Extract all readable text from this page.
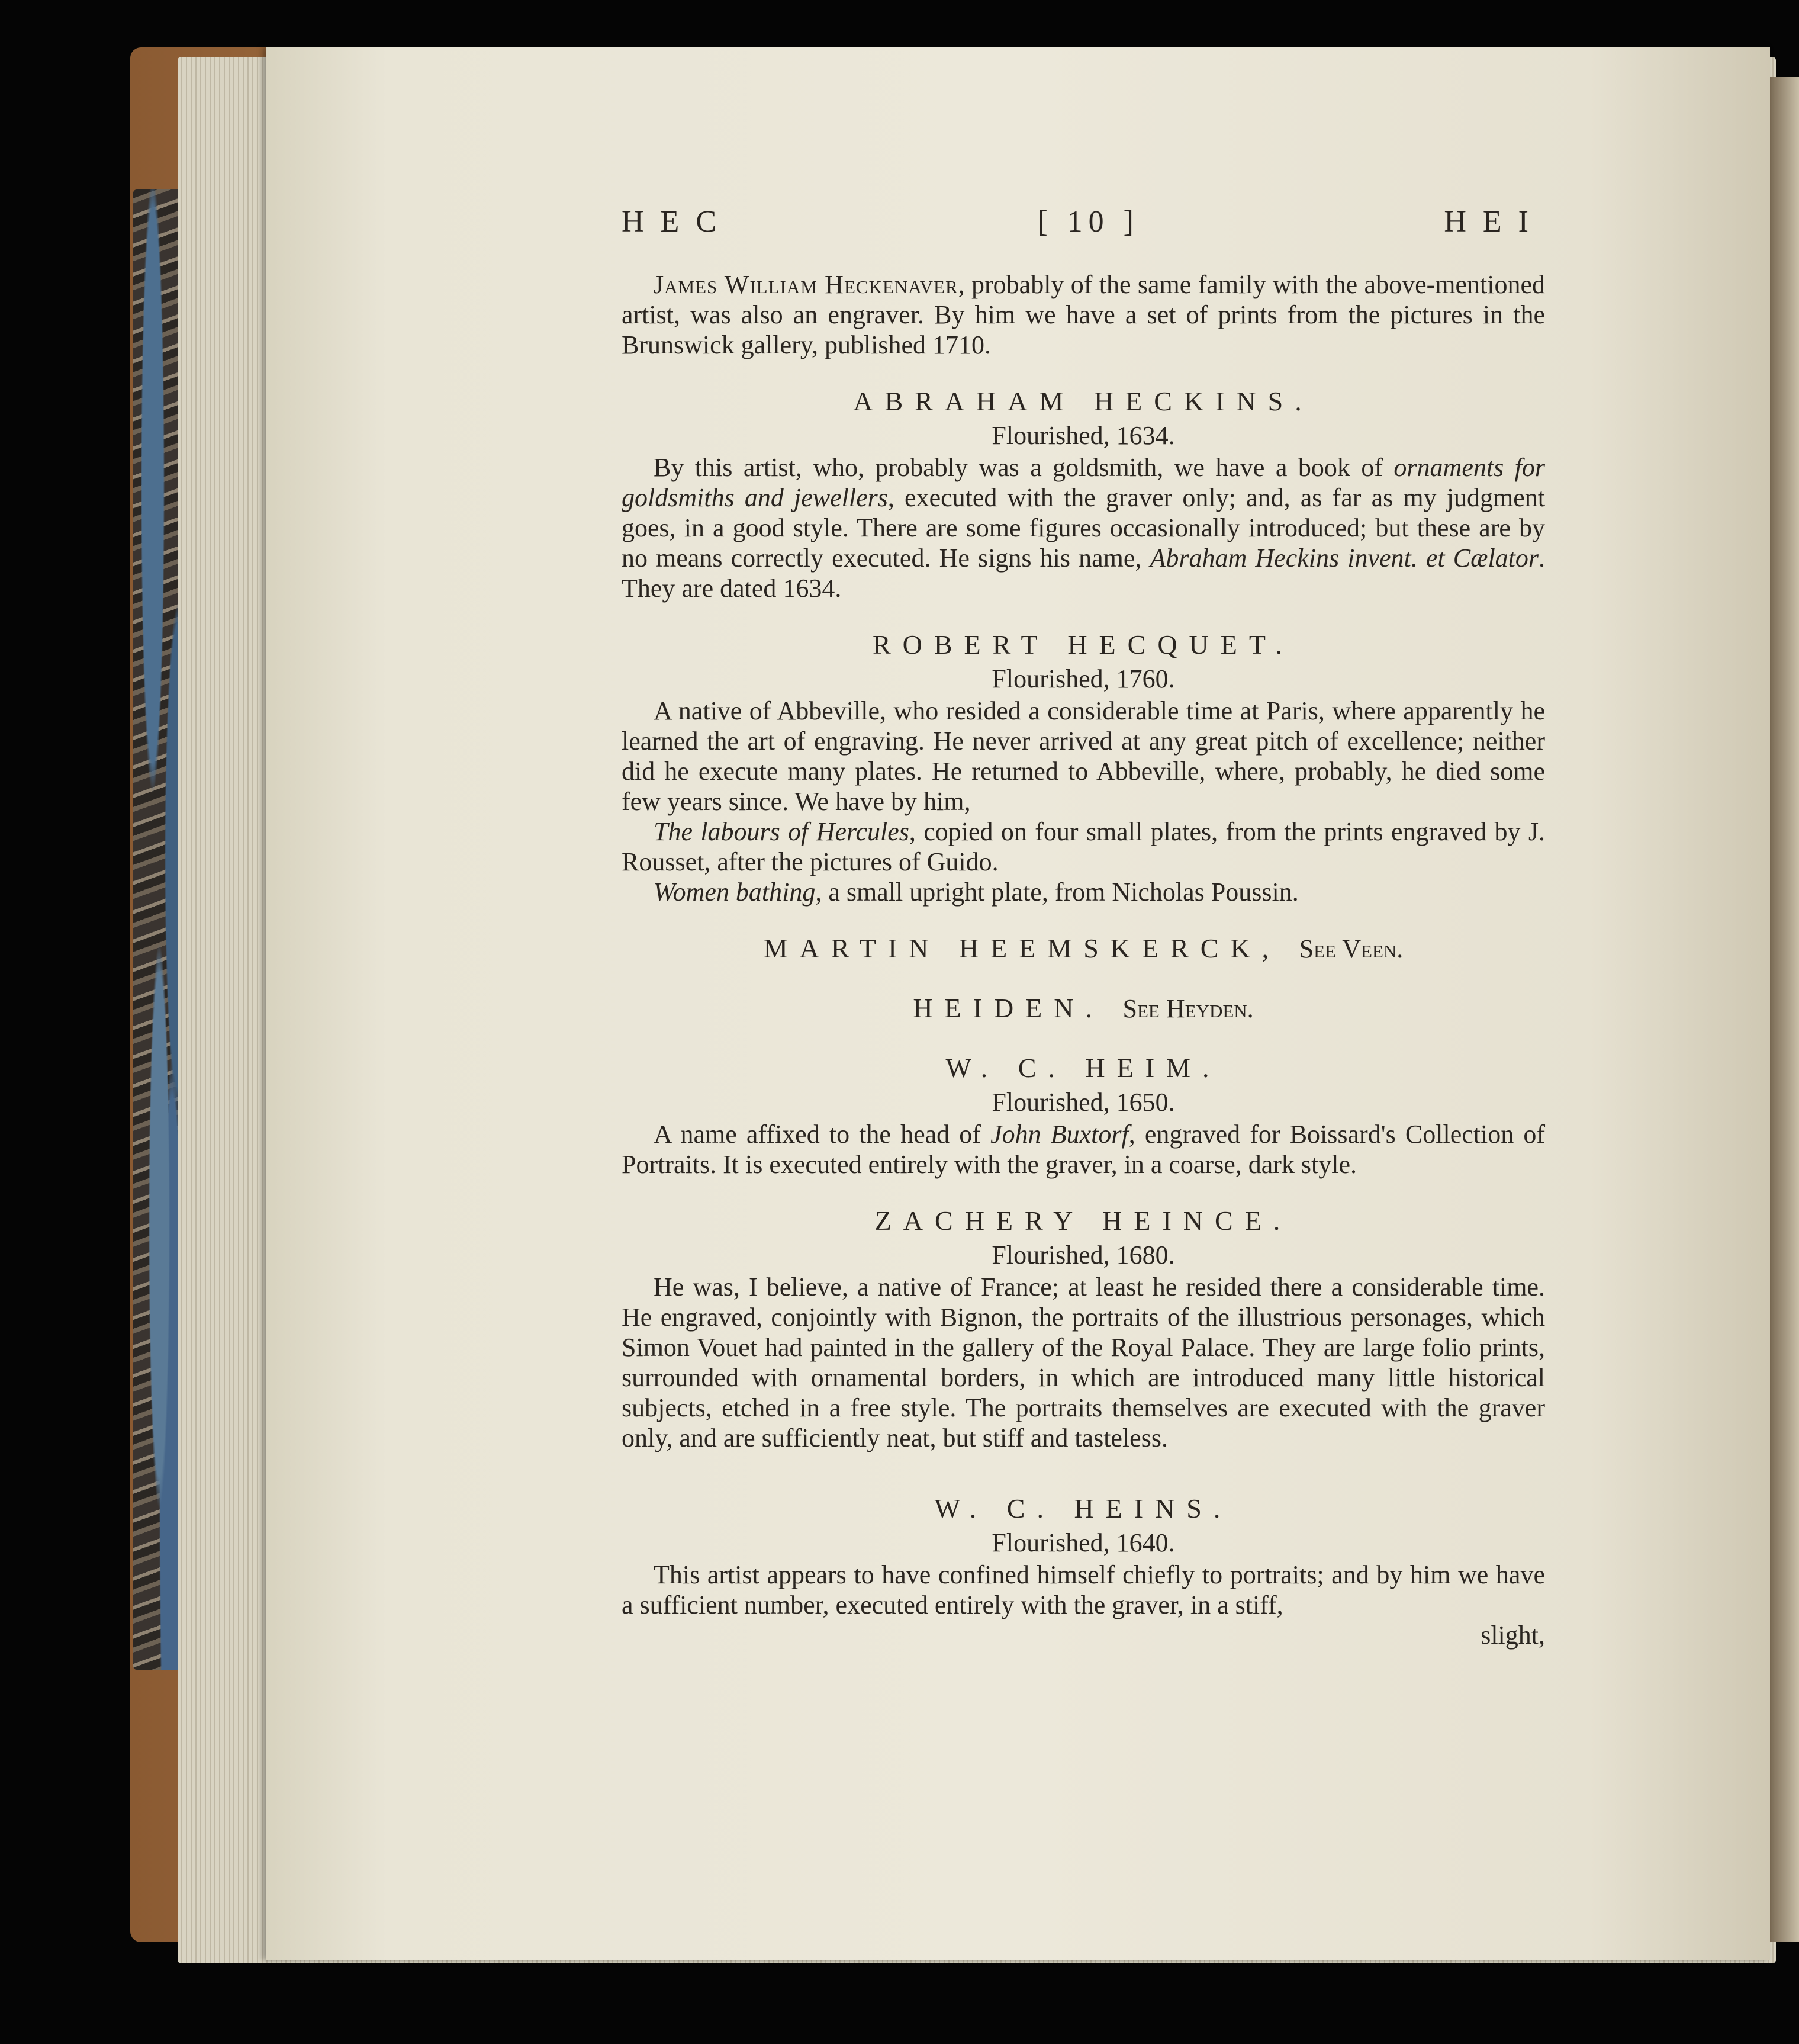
HEC	[ 10 ]	HEI

James William Heckenaver, probably of the same family with the above-mentioned artist, was also an engraver. By him we have a set of prints from the pictures in the Brunswick gallery, published 1710.

ABRAHAM HECKINS.

Flourished, 1634.

By this artist, who, probably was a goldsmith, we have a book of ornaments for goldsmiths and jewellers, executed with the graver only; and, as far as my judgment goes, in a good style. There are some figures occasionally introduced; but these are by no means correctly executed. He signs his name, Abraham Heckins invent. et Cælator. They are dated 1634.

ROBERT HECQUET.

Flourished, 1760.

A native of Abbeville, who resided a considerable time at Paris, where apparently he learned the art of engraving. He never arrived at any great pitch of excellence; neither did he execute many plates. He returned to Abbeville, where, probably, he died some few years since. We have by him,

The labours of Hercules, copied on four small plates, from the prints engraved by J. Rousset, after the pictures of Guido.

Women bathing, a small upright plate, from Nicholas Poussin.

MARTIN HEEMSKERCK, See Veen.

HEIDEN. See Heyden.

W. C. HEIM.

Flourished, 1650.

A name affixed to the head of John Buxtorf, engraved for Boissard's Collection of Portraits. It is executed entirely with the graver, in a coarse, dark style.

ZACHERY HEINCE.

Flourished, 1680.

He was, I believe, a native of France; at least he resided there a considerable time. He engraved, conjointly with Bignon, the portraits of the illustrious personages, which Simon Vouet had painted in the gallery of the Royal Palace. They are large folio prints, surrounded with ornamental borders, in which are introduced many little historical subjects, etched in a free style. The portraits themselves are executed with the graver only, and are sufficiently neat, but stiff and tasteless.

W. C. HEINS.

Flourished, 1640.

This artist appears to have confined himself chiefly to portraits; and by him we have a sufficient number, executed entirely with the graver, in a stiff,

slight,
